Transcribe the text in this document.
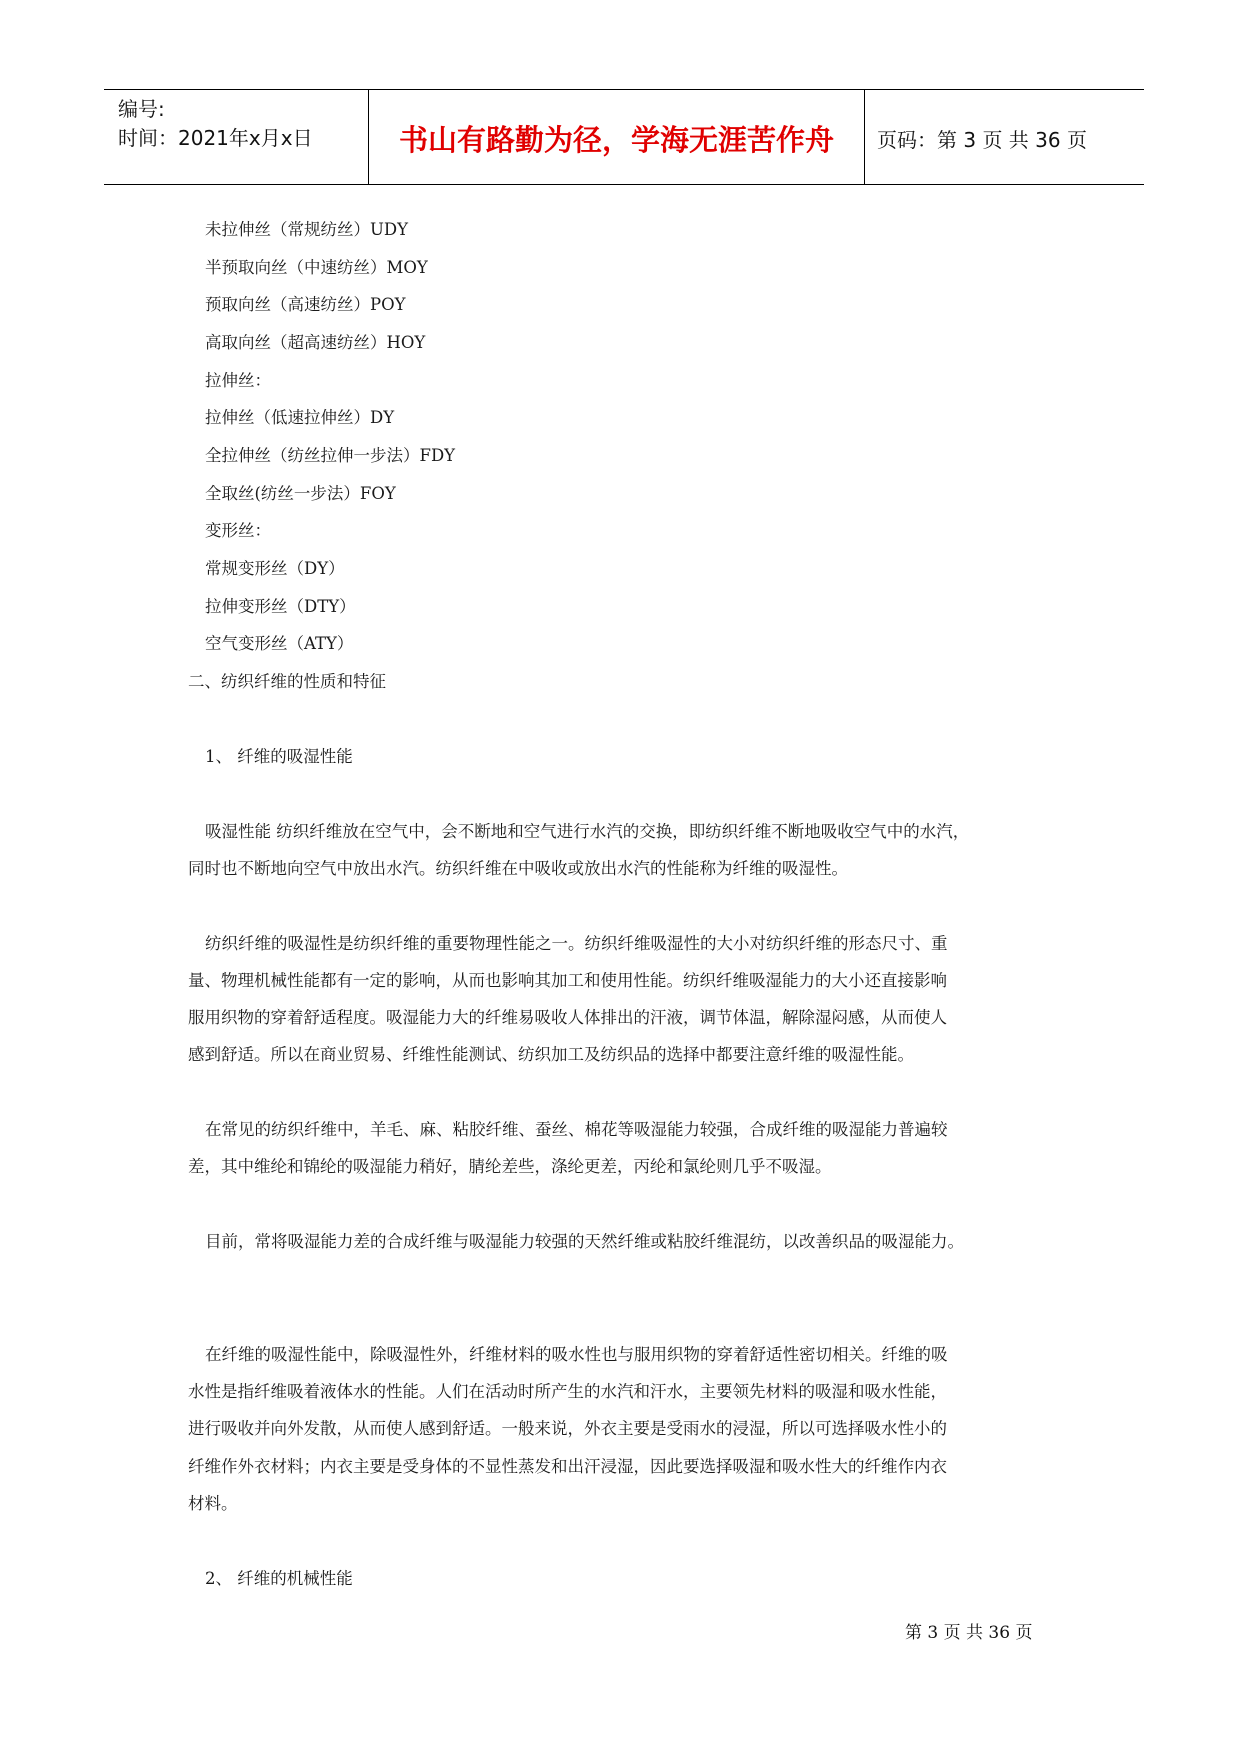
编号:
时间：2021年x月x日	书山有路勤为径，学海无涯苦作舟	页码：第 3 页 共 36 页
未拉伸丝（常规纺丝）UDY
半预取向丝（中速纺丝）MOY
预取向丝（高速纺丝）POY
高取向丝（超高速纺丝）HOY
拉伸丝：
拉伸丝（低速拉伸丝）DY
全拉伸丝（纺丝拉伸一步法）FDY
全取丝(纺丝一步法）FOY
变形丝：
常规变形丝（DY）
拉伸变形丝（DTY）
空气变形丝（ATY）
二、纺织纤维的性质和特征
1、 纤维的吸湿性能
吸湿性能 纺织纤维放在空气中，会不断地和空气进行水汽的交换，即纺织纤维不断地吸收空气中的水汽，
同时也不断地向空气中放出水汽。纺织纤维在中吸收或放出水汽的性能称为纤维的吸湿性。
纺织纤维的吸湿性是纺织纤维的重要物理性能之一。纺织纤维吸湿性的大小对纺织纤维的形态尺寸、重
量、物理机械性能都有一定的影响，从而也影响其加工和使用性能。纺织纤维吸湿能力的大小还直接影响
服用织物的穿着舒适程度。吸湿能力大的纤维易吸收人体排出的汗液，调节体温，解除湿闷感，从而使人
感到舒适。所以在商业贸易、纤维性能测试、纺织加工及纺织品的选择中都要注意纤维的吸湿性能。
在常见的纺织纤维中，羊毛、麻、粘胶纤维、蚕丝、棉花等吸湿能力较强，合成纤维的吸湿能力普遍较
差，其中维纶和锦纶的吸湿能力稍好，腈纶差些，涤纶更差，丙纶和氯纶则几乎不吸湿。
目前，常将吸湿能力差的合成纤维与吸湿能力较强的天然纤维或粘胶纤维混纺，以改善织品的吸湿能力。
在纤维的吸湿性能中，除吸湿性外，纤维材料的吸水性也与服用织物的穿着舒适性密切相关。纤维的吸
水性是指纤维吸着液体水的性能。人们在活动时所产生的水汽和汗水，主要领先材料的吸湿和吸水性能，
进行吸收并向外发散，从而使人感到舒适。一般来说，外衣主要是受雨水的浸湿，所以可选择吸水性小的
纤维作外衣材料；内衣主要是受身体的不显性蒸发和出汗浸湿，因此要选择吸湿和吸水性大的纤维作内衣
材料。
2、 纤维的机械性能
第 3 页 共 36 页
